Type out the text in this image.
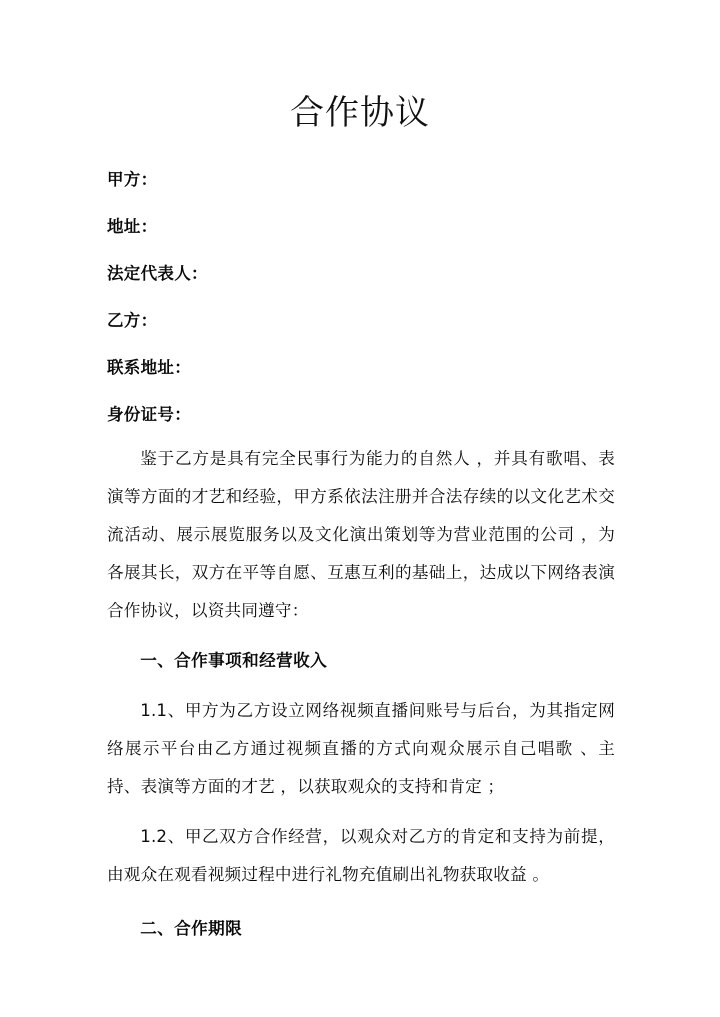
合作协议
甲方：
地址：
法定代表人：
乙方：
联系地址：
身份证号：

鉴于乙方是具有完全民事行为能力的自然人 ，并具有歌唱、表演等方面的才艺和经验，甲方系依法注册并合法存续的以文化艺术交流活动、展示展览服务以及文化演出策划等为营业范围的公司 ，为各展其长，双方在平等自愿、互惠互利的基础上，达成以下网络表演合作协议，以资共同遵守：

一、合作事项和经营收入

1.1、甲方为乙方设立网络视频直播间账号与后台，为其指定网络展示平台由乙方通过视频直播的方式向观众展示自己唱歌 、主持、表演等方面的才艺 ，以获取观众的支持和肯定 ；

1.2、甲乙双方合作经营，以观众对乙方的肯定和支持为前提，由观众在观看视频过程中进行礼物充值刷出礼物获取收益 。

二、合作期限
